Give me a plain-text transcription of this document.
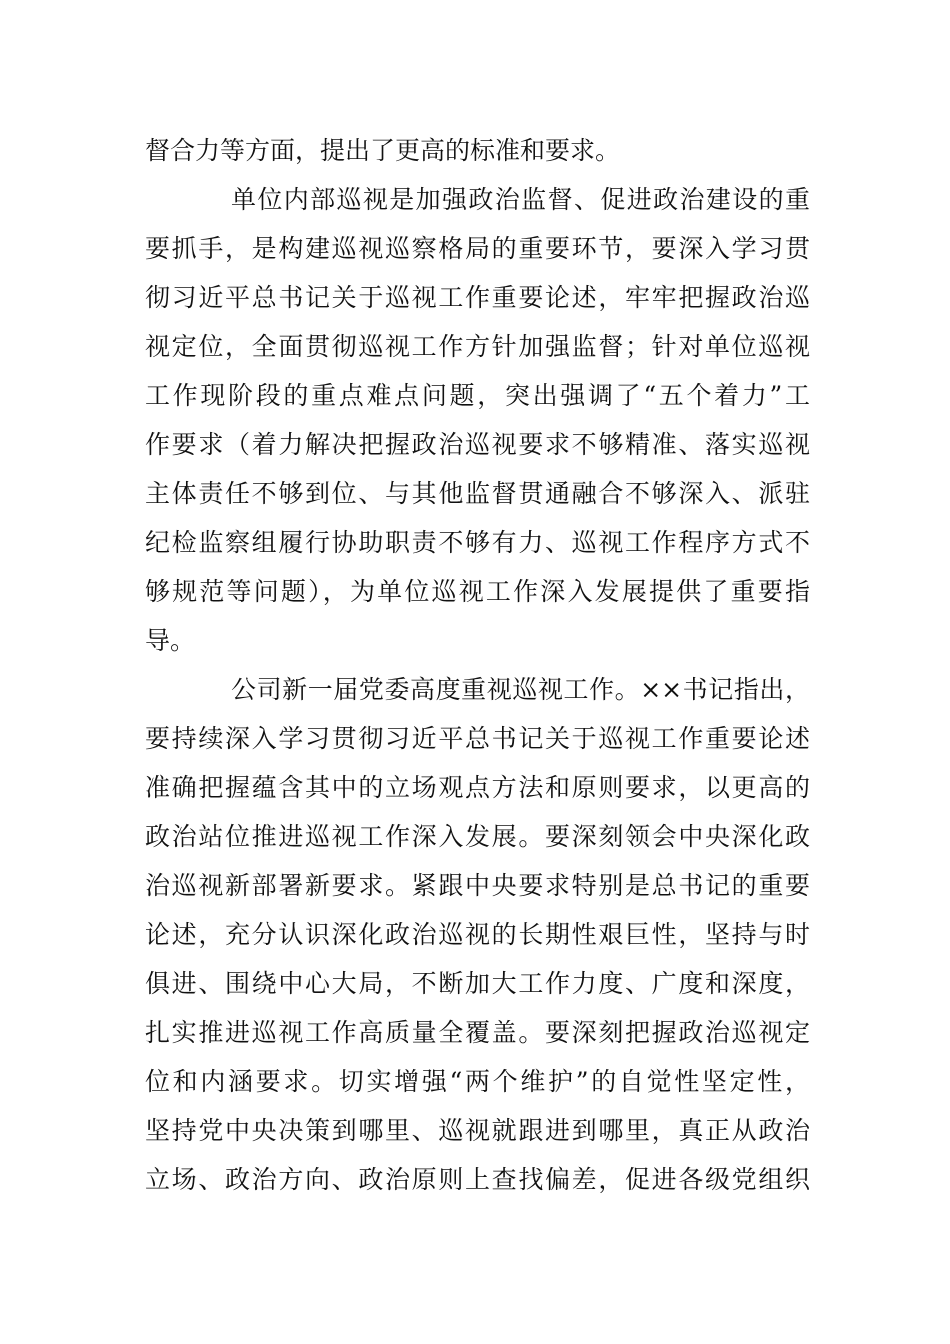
督合力等方面，提出了更高的标准和要求。
单位内部巡视是加强政治监督、促进政治建设的重
要抓手，是构建巡视巡察格局的重要环节，要深入学习贯
彻习近平总书记关于巡视工作重要论述，牢牢把握政治巡
视定位，全面贯彻巡视工作方针加强监督；针对单位巡视
工作现阶段的重点难点问题，突出强调了“五个着力”工
作要求（着力解决把握政治巡视要求不够精准、落实巡视
主体责任不够到位、与其他监督贯通融合不够深入、派驻
纪检监察组履行协助职责不够有力、巡视工作程序方式不
够规范等问题），为单位巡视工作深入发展提供了重要指
导。
公司新一届党委高度重视巡视工作。××书记指出，
要持续深入学习贯彻习近平总书记关于巡视工作重要论述
准确把握蕴含其中的立场观点方法和原则要求，以更高的
政治站位推进巡视工作深入发展。要深刻领会中央深化政
治巡视新部署新要求。紧跟中央要求特别是总书记的重要
论述，充分认识深化政治巡视的长期性艰巨性，坚持与时
俱进、围绕中心大局，不断加大工作力度、广度和深度，
扎实推进巡视工作高质量全覆盖。要深刻把握政治巡视定
位和内涵要求。切实增强“两个维护”的自觉性坚定性，
坚持党中央决策到哪里、巡视就跟进到哪里，真正从政治
立场、政治方向、政治原则上查找偏差，促进各级党组织
